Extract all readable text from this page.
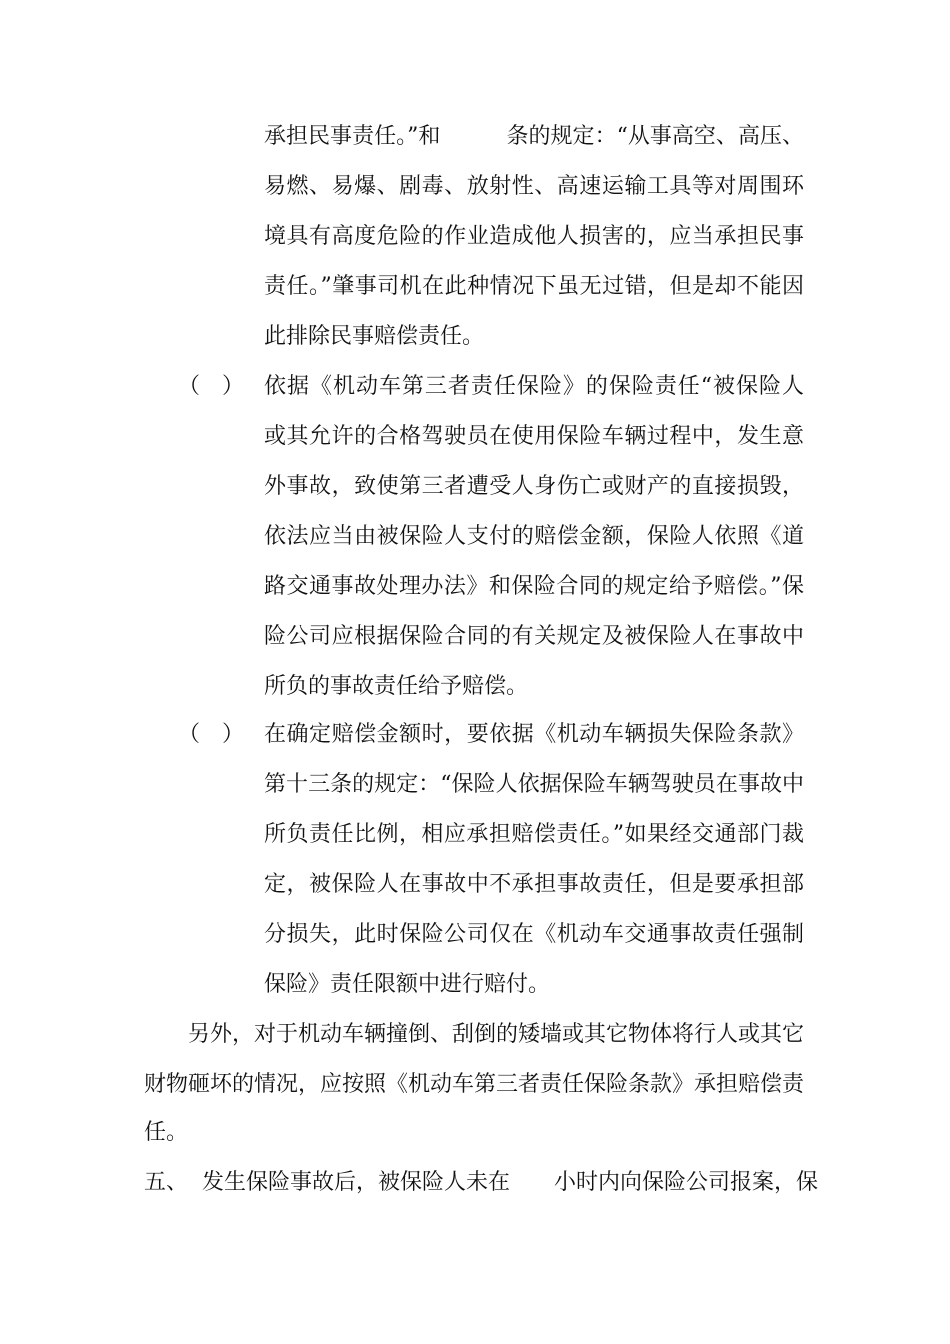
承担民事责任。”和　　　条的规定：“从事高空、高压、
易燃、易爆、剧毒、放射性、高速运输工具等对周围环
境具有高度危险的作业造成他人损害的，应当承担民事
责任。”肇事司机在此种情况下虽无过错，但是却不能因
此排除民事赔偿责任。
（　） 依据《机动车第三者责任保险》的保险责任“被保险人
或其允许的合格驾驶员在使用保险车辆过程中，发生意
外事故，致使第三者遭受人身伤亡或财产的直接损毁，
依法应当由被保险人支付的赔偿金额，保险人依照《道
路交通事故处理办法》和保险合同的规定给予赔偿。”保
险公司应根据保险合同的有关规定及被保险人在事故中
所负的事故责任给予赔偿。
（　） 在确定赔偿金额时，要依据《机动车辆损失保险条款》
第十三条的规定：“保险人依据保险车辆驾驶员在事故中
所负责任比例，相应承担赔偿责任。”如果经交通部门裁
定，被保险人在事故中不承担事故责任，但是要承担部
分损失，此时保险公司仅在《机动车交通事故责任强制
保险》责任限额中进行赔付。
另外，对于机动车辆撞倒、刮倒的矮墙或其它物体将行人或其它
财物砸坏的情况，应按照《机动车第三者责任保险条款》承担赔偿责
任。
五、 发生保险事故后，被保险人未在　　小时内向保险公司报案，保
